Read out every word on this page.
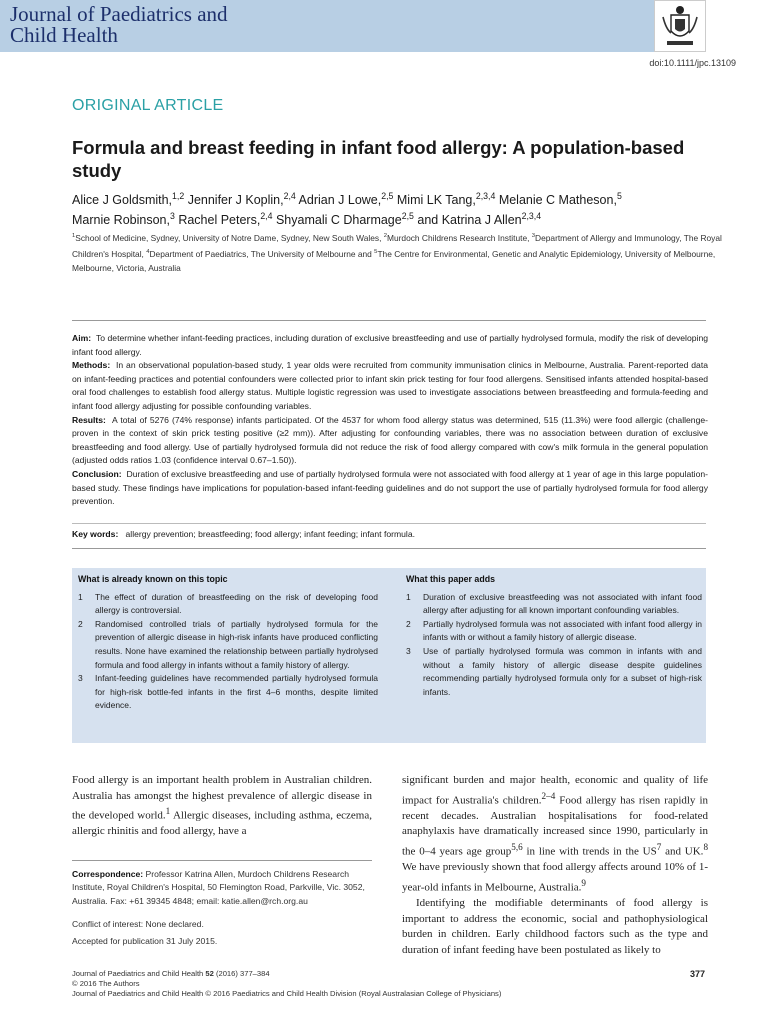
Journal of Paediatrics and
Child Health
doi:10.1111/jpc.13109
ORIGINAL ARTICLE
Formula and breast feeding in infant food allergy: A population-based study
Alice J Goldsmith,$^{1,2}$ Jennifer J Koplin,$^{2,4}$ Adrian J Lowe,$^{2,5}$ Mimi LK Tang,$^{2,3,4}$ Melanie C Matheson,$^5$
Marnie Robinson,$^3$ Rachel Peters,$^{2,4}$ Shyamali C Dharmage$^{2,5}$ and Katrina J Allen$^{2,3,4}$
$^1$School of Medicine, Sydney, University of Notre Dame, Sydney, New South Wales, $^2$Murdoch Childrens Research Institute, $^3$Department of Allergy and Immunology, The Royal Children's Hospital, $^4$Department of Paediatrics, The University of Melbourne and $^5$The Centre for Environmental, Genetic and Analytic Epidemiology, University of Melbourne, Melbourne, Victoria, Australia
Aim: To determine whether infant-feeding practices, including duration of exclusive breastfeeding and use of partially hydrolysed formula, modify the risk of developing infant food allergy.
Methods: In an observational population-based study, 1 year olds were recruited from community immunisation clinics in Melbourne, Australia. Parent-reported data on infant-feeding practices and potential confounders were collected prior to infant skin prick testing for four food allergens. Sensitised infants attended hospital-based oral food challenges to establish food allergy status. Multiple logistic regression was used to investigate associations between breastfeeding and formula-feeding and infant food allergy adjusting for possible confounding variables.
Results: A total of 5276 (74% response) infants participated. Of the 4537 for whom food allergy status was determined, 515 (11.3%) were food allergic (challenge-proven in the context of skin prick testing positive (≥2 mm)). After adjusting for confounding variables, there was no association between duration of exclusive breastfeeding and food allergy. Use of partially hydrolysed formula did not reduce the risk of food allergy compared with cow's milk formula in the general population (adjusted odds ratios 1.03 (confidence interval 0.67–1.50)).
Conclusion: Duration of exclusive breastfeeding and use of partially hydrolysed formula were not associated with food allergy at 1 year of age in this large population-based study. These findings have implications for population-based infant-feeding guidelines and do not support the use of partially hydrolysed formula for food allergy prevention.
Key words: allergy prevention; breastfeeding; food allergy; infant feeding; infant formula.
What is already known on this topic
1 The effect of duration of breastfeeding on the risk of developing food allergy is controversial.
2 Randomised controlled trials of partially hydrolysed formula for the prevention of allergic disease in high-risk infants have produced conflicting results. None have examined the relationship between partially hydrolysed formula and food allergy in infants without a family history of allergy.
3 Infant-feeding guidelines have recommended partially hydrolysed formula for high-risk bottle-fed infants in the first 4–6 months, despite limited evidence.
What this paper adds
1 Duration of exclusive breastfeeding was not associated with infant food allergy after adjusting for all known important confounding variables.
2 Partially hydrolysed formula was not associated with infant food allergy in infants with or without a family history of allergic disease.
3 Use of partially hydrolysed formula was common in infants with and without a family history of allergic disease despite guidelines recommending partially hydrolysed formula only for a subset of high-risk infants.
Food allergy is an important health problem in Australian children. Australia has amongst the highest prevalence of allergic disease in the developed world.$^1$ Allergic diseases, including asthma, eczema, allergic rhinitis and food allergy, have a

significant burden and major health, economic and quality of life impact for Australia's children.$^{2-4}$ Food allergy has risen rapidly in recent decades. Australian hospitalisations for food-related anaphylaxis have dramatically increased since 1990, particularly in the 0–4 years age group$^{5,6}$ in line with trends in the $US^7$ and UK.$^8$ We have previously shown that food allergy affects around 10% of 1-year-old infants in Melbourne, Australia.$^9$

Identifying the modifiable determinants of food allergy is important to address the economic, social and pathophysiological burden in children. Early childhood factors such as the type and duration of infant feeding have been postulated as likely to

Correspondence: Professor Katrina Allen, Murdoch Childrens Research Institute, Royal Children's Hospital, 50 Flemington Road, Parkville, Vic. 3052, Australia. Fax: +61 39345 4848; email: katie.allen@rch.org.au
Conflict of interest: None declared.
Accepted for publication 31 July 2015.
Journal of Paediatrics and Child Health 52 (2016) 377–384
© 2016 The Authors
Journal of Paediatrics and Child Health © 2016 Paediatrics and Child Health Division (Royal Australasian College of Physicians)
377
